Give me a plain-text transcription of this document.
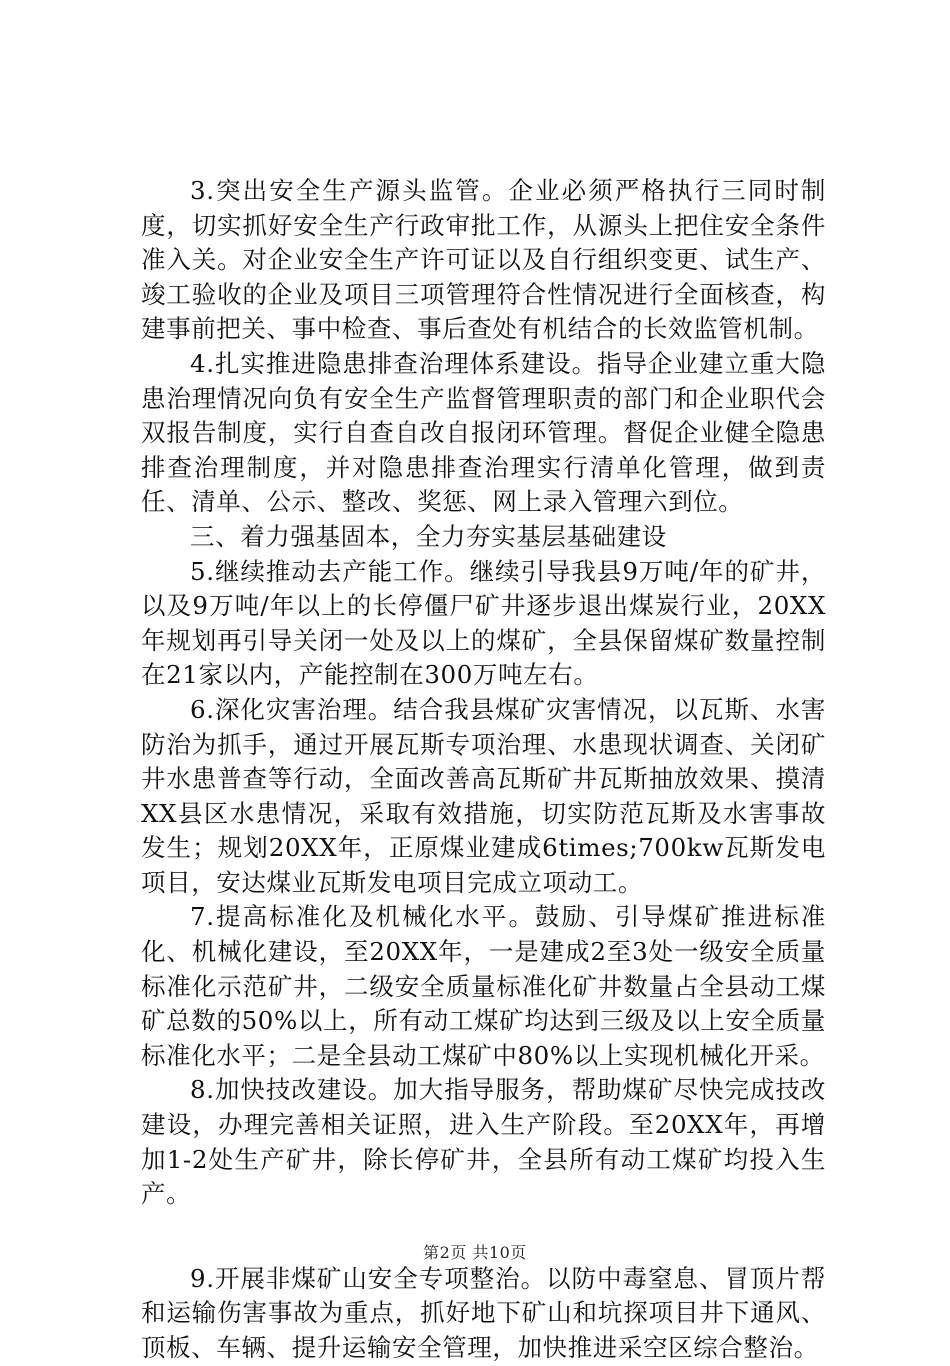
3.突出安全生产源头监管。企业必须严格执行三同时制度，切实抓好安全生产行政审批工作，从源头上把住安全条件准入关。对企业安全生产许可证以及自行组织变更、试生产、竣工验收的企业及项目三项管理符合性情况进行全面核查，构建事前把关、事中检查、事后查处有机结合的长效监管机制。

4.扎实推进隐患排查治理体系建设。指导企业建立重大隐患治理情况向负有安全生产监督管理职责的部门和企业职代会双报告制度，实行自查自改自报闭环管理。督促企业健全隐患排查治理制度，并对隐患排查治理实行清单化管理，做到责任、清单、公示、整改、奖惩、网上录入管理六到位。

三、着力强基固本，全力夯实基层基础建设

5.继续推动去产能工作。继续引导我县9万吨/年的矿井，以及9万吨/年以上的长停僵尸矿井逐步退出煤炭行业，20XX年规划再引导关闭一处及以上的煤矿，全县保留煤矿数量控制在21家以内，产能控制在300万吨左右。

6.深化灾害治理。结合我县煤矿灾害情况，以瓦斯、水害防治为抓手，通过开展瓦斯专项治理、水患现状调查、关闭矿井水患普查等行动，全面改善高瓦斯矿井瓦斯抽放效果、摸清XX县区水患情况，采取有效措施，切实防范瓦斯及水害事故发生；规划20XX年，正原煤业建成6times;700kw瓦斯发电项目，安达煤业瓦斯发电项目完成立项动工。

7.提高标准化及机械化水平。鼓励、引导煤矿推进标准化、机械化建设，至20XX年，一是建成2至3处一级安全质量标准化示范矿井，二级安全质量标准化矿井数量占全县动工煤矿总数的50%以上，所有动工煤矿均达到三级及以上安全质量标准化水平；二是全县动工煤矿中80%以上实现机械化开采。

8.加快技改建设。加大指导服务，帮助煤矿尽快完成技改建设，办理完善相关证照，进入生产阶段。至20XX年，再增加1-2处生产矿井，除长停矿井，全县所有动工煤矿均投入生产。

9.开展非煤矿山安全专项整治。以防中毒窒息、冒顶片帮和运输伤害事故为重点，抓好地下矿山和坑探项目井下通风、顶板、车辆、提升运输安全管理，加快推进采空区综合整治。

第2页 共10页
